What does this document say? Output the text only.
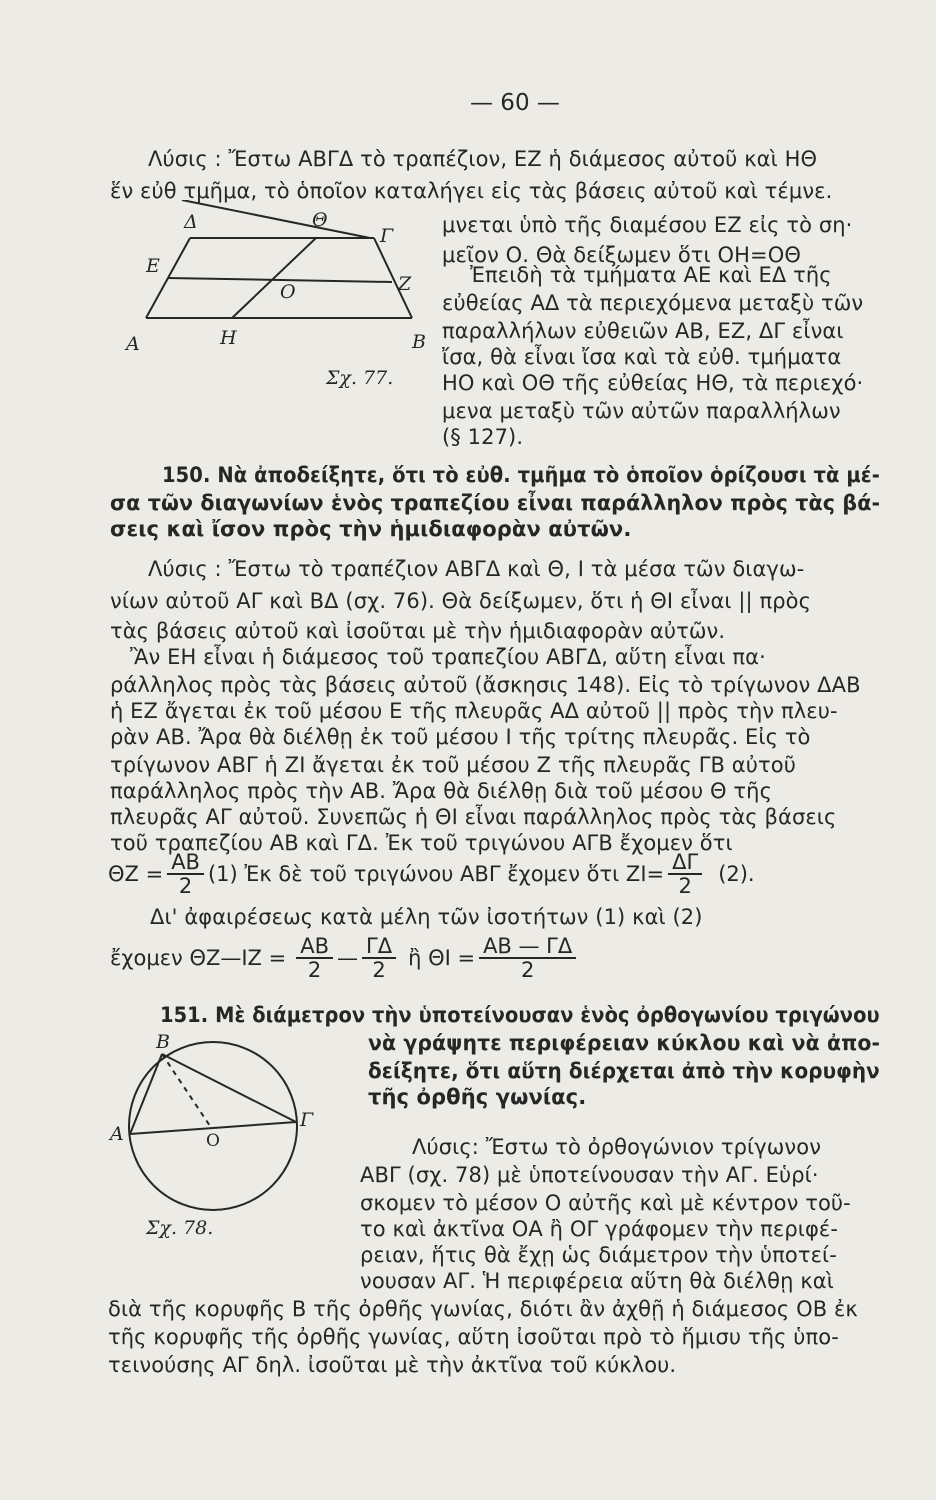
— 60 —
Λύσις : Ἔστω ΑΒΓΔ τὸ τραπέζιον, ΕΖ ἡ διάμεσος αὐτοῦ καὶ ΗΘ
ἕν εὐθ τμῆμα, τὸ ὁποῖον καταλήγει εἰς τὰς βάσεις αὐτοῦ καὶ τέμνε.
μνεται ὑπὸ τῆς διαμέσου ΕΖ εἰς τὸ ση·
μεῖον Ο. Θὰ δείξωμεν ὅτι ΟΗ=ΟΘ
Ἐπειδὴ τὰ τμήματα ΑΕ καὶ ΕΔ τῆς
εὐθείας ΑΔ τὰ περιεχόμενα μεταξὺ τῶν
παραλλήλων εὐθειῶν ΑΒ, ΕΖ, ΔΓ εἶναι
ἴσα, θὰ εἶναι ἴσα καὶ τὰ εὐθ. τμήματα
ΗΟ καὶ ΟΘ τῆς εὐθείας ΗΘ, τὰ περιεχό·
μενα μεταξὺ τῶν αὐτῶν παραλλήλων
(§ 127).
Δ	Θ
Γ
Ε
Ζ
Ο
Α	Η	Β
Σχ. 77.
150. Νὰ ἀποδείξητε, ὅτι τὸ εὐθ. τμῆμα τὸ ὁποῖον ὁρίζουσι τὰ μέ-
σα τῶν διαγωνίων ἑνὸς τραπεζίου εἶναι παράλληλον πρὸς τὰς βά-
σεις καὶ ἴσον πρὸς τὴν ἡμιδιαφορὰν αὐτῶν.
Λύσις : Ἔστω τὸ τραπέζιον ΑΒΓΔ καὶ Θ, Ι τὰ μέσα τῶν διαγω-
νίων αὐτοῦ ΑΓ καὶ ΒΔ (σχ. 76). Θὰ δείξωμεν, ὅτι ἡ ΘΙ εἶναι || πρὸς
τὰς βάσεις αὐτοῦ καὶ ἰσοῦται μὲ τὴν ἡμιδιαφορὰν αὐτῶν.
Ἂν ΕΗ εἶναι ἡ διάμεσος τοῦ τραπεζίου ΑΒΓΔ, αὕτη εἶναι πα·
ράλληλος πρὸς τὰς βάσεις αὐτοῦ (ἄσκησις 148). Εἰς τὸ τρίγωνον ΔΑΒ
ἡ ΕΖ ἄγεται ἐκ τοῦ μέσου Ε τῆς πλευρᾶς ΑΔ αὐτοῦ || πρὸς τὴν πλευ-
ρὰν ΑΒ. Ἄρα θὰ διέλθῃ ἐκ τοῦ μέσου Ι τῆς τρίτης πλευρᾶς. Εἰς τὸ
τρίγωνον ΑΒΓ ἡ ΖΙ ἄγεται ἐκ τοῦ μέσου Ζ τῆς πλευρᾶς ΓΒ αὐτοῦ
παράλληλος πρὸς τὴν ΑΒ. Ἄρα θὰ διέλθῃ διὰ τοῦ μέσου Θ τῆς
πλευρᾶς ΑΓ αὐτοῦ. Συνεπῶς ἡ ΘΙ εἶναι παράλληλος πρὸς τὰς βάσεις
τοῦ τραπεζίου ΑΒ καὶ ΓΔ. Ἐκ τοῦ τριγώνου ΑΓΒ ἔχομεν ὅτι
$\Theta Z = \frac{AB}{2} (1)$ Ἐκ δὲ τοῦ τριγώνου ΑΒΓ ἔχομεν ὅτι $ZI= \frac{\Delta\Gamma}{2} (2)$.
Δι' ἀφαιρέσεως κατὰ μέλη τῶν ἰσοτήτων (1) καὶ (2)
ἔχομεν ΘΖ—ΙΖ = $\frac{AB}{2}$ — $\frac{\Gamma\Delta}{2}$ ἢ $\Theta I = \frac{AB — \Gamma\Delta}{2}$
151. Μὲ διάμετρον τὴν ὑποτείνουσαν ἑνὸς ὀρθογωνίου τριγώνου
νὰ γράψητε περιφέρειαν κύκλου καὶ νὰ ἀπο-
δείξητε, ὅτι αὕτη διέρχεται ἀπὸ τὴν κορυφὴν
τῆς ὀρθῆς γωνίας.
Β
Α	Ο
Γ
Σχ. 78.
Λύσις: Ἔστω τὸ ὀρθογώνιον τρίγωνον
ΑΒΓ (σχ. 78) μὲ ὑποτείνουσαν τὴν ΑΓ. Εὑρί·
σκομεν τὸ μέσον Ο αὐτῆς καὶ μὲ κέντρον τοῦ-
το καὶ ἀκτῖνα ΟΑ ἢ ΟΓ γράφομεν τὴν περιφέ-
ρειαν, ἥτις θὰ ἔχῃ ὡς διάμετρον τὴν ὑποτεί-
νουσαν ΑΓ. Ἡ περιφέρεια αὕτη θὰ διέλθῃ καὶ
διὰ τῆς κορυφῆς Β τῆς ὀρθῆς γωνίας, διότι ἂν ἀχθῇ ἡ διάμεσος ΟΒ ἐκ
τῆς κορυφῆς τῆς ὀρθῆς γωνίας, αὕτη ἰσοῦται πρὸ τὸ ἥμισυ τῆς ὑπο-
τεινούσης ΑΓ δηλ. ἰσοῦται μὲ τὴν ἀκτῖνα τοῦ κύκλου.
